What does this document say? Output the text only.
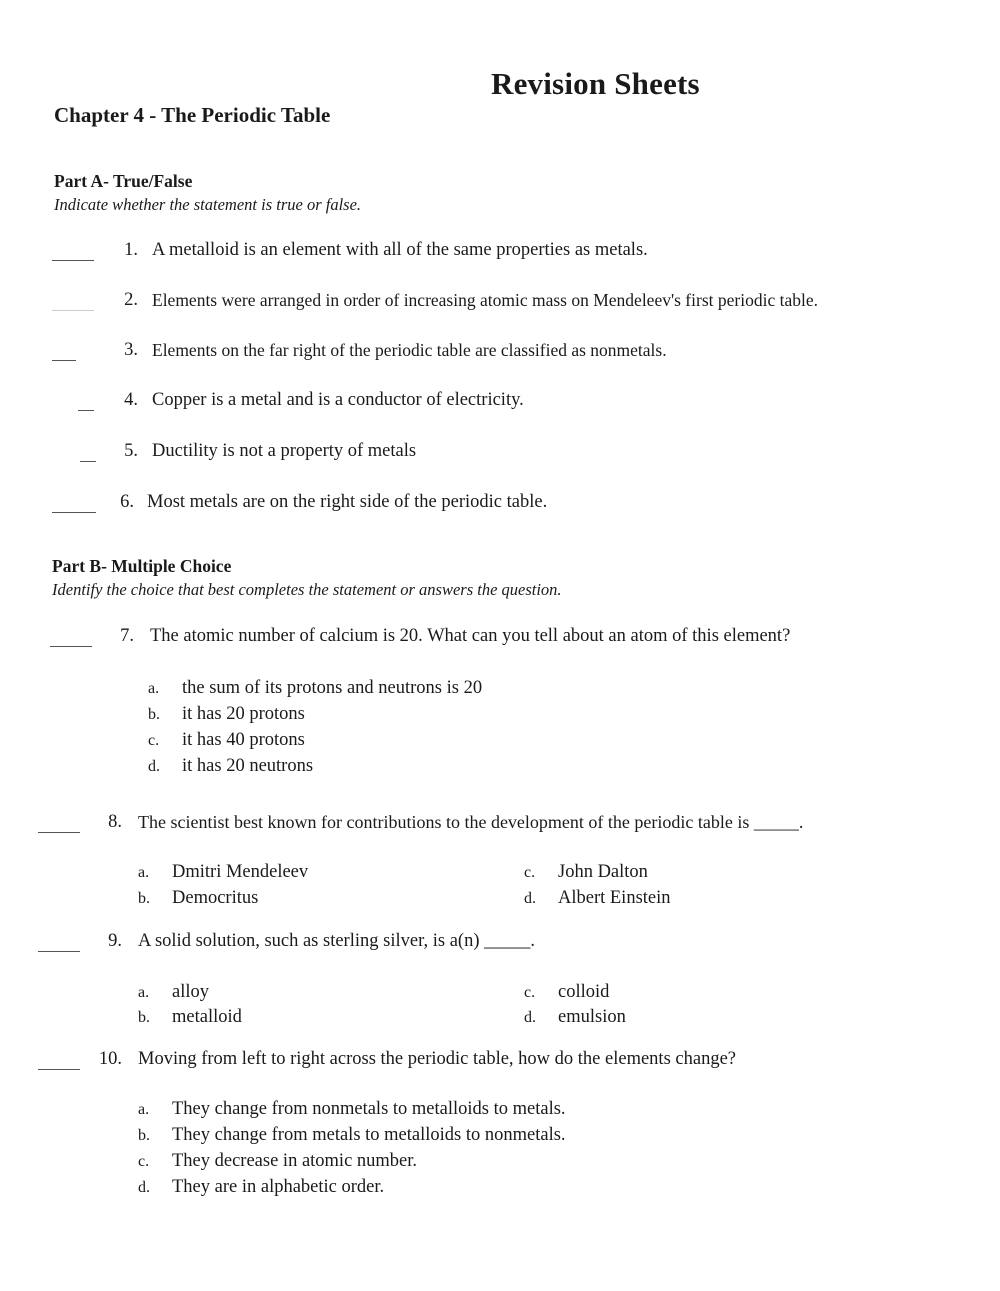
Revision Sheets
Chapter 4 - The Periodic Table
Part A- True/False
Indicate whether the statement is true or false.
1. A metalloid is an element with all of the same properties as metals.
2. Elements were arranged in order of increasing atomic mass on Mendeleev's first periodic table.
3. Elements on the far right of the periodic table are classified as nonmetals.
4. Copper is a metal and is a conductor of electricity.
5. Ductility is not a property of metals
6. Most metals are on the right side of the periodic table.
Part B- Multiple Choice
Identify the choice that best completes the statement or answers the question.
7. The atomic number of calcium is 20. What can you tell about an atom of this element?
a. the sum of its protons and neutrons is 20
b. it has 20 protons
c. it has 40 protons
d. it has 20 neutrons
8. The scientist best known for contributions to the development of the periodic table is _____.
a. Dmitri Mendeleev
b. Democritus
c. John Dalton
d. Albert Einstein
9. A solid solution, such as sterling silver, is a(n) _____.
a. alloy
b. metalloid
c. colloid
d. emulsion
10. Moving from left to right across the periodic table, how do the elements change?
a. They change from nonmetals to metalloids to metals.
b. They change from metals to metalloids to nonmetals.
c. They decrease in atomic number.
d. They are in alphabetic order.
